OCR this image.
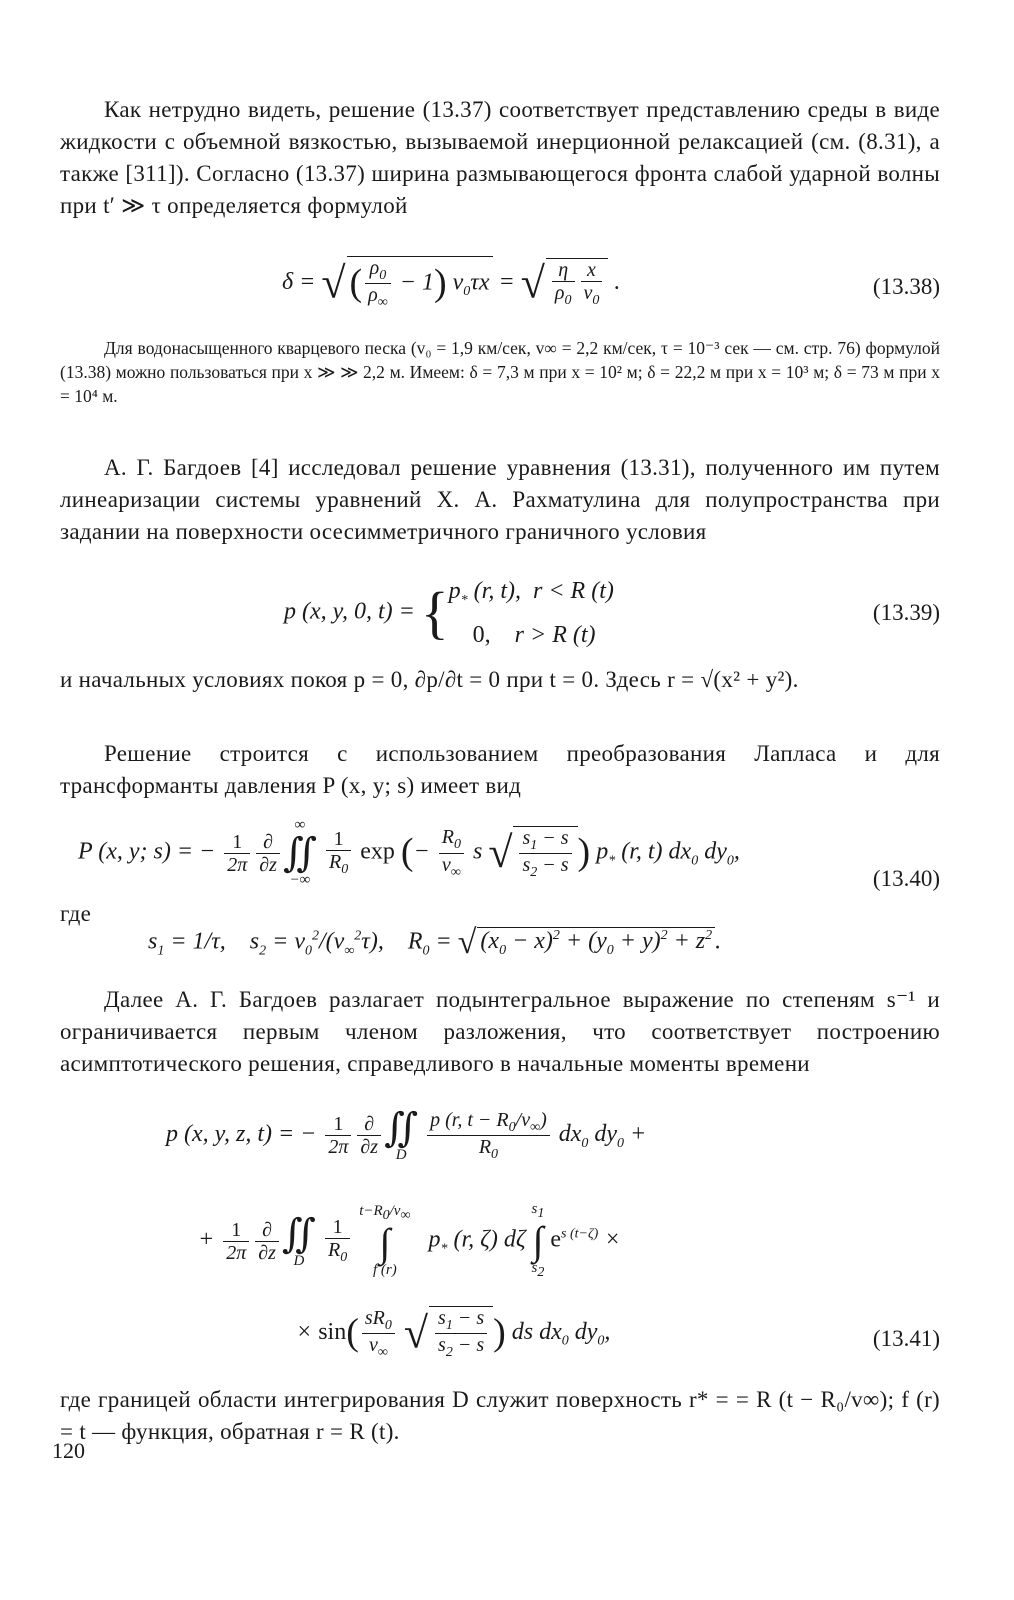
Как нетрудно видеть, решение (13.37) соответствует представлению среды в виде жидкости с объемной вязкостью, вызываемой инерционной релаксацией (см. (8.31), а также [311]). Согласно (13.37) ширина размывающегося фронта слабой ударной волны при t′ ≫ τ определяется формулой
δ = √ ( $\frac{\rho_0}{\rho_\infty} - 1$) $v_0\tau x$ = √ $\frac{\eta}{\rho_0} \frac{x}{v_0}$ .	(13.38)
Для водонасыщенного кварцевого песка (v₀ = 1,9 км/сек, v∞ = 2,2 км/сек, τ = 10⁻³ сек — см. стр. 76) формулой (13.38) можно пользоваться при x ≫ ≫ 2,2 м. Имеем: δ = 7,3 м при x = 10² м; δ = 22,2 м при x = 10³ м; δ = 73 м при x = 10⁴ м.
А. Г. Багдоев [4] исследовал решение уравнения (13.31), полученного им путем линеаризации системы уравнений Х. А. Рахматулина для полупространства при задании на поверхности осесимметричного граничного условия
p (x, y, 0, $t) = \{p_*$ (r, t),  r < R (t)
0,    r > R (t)
(13.39)
и начальных условиях покоя p = 0, ∂p/∂t = 0 при t = 0. Здесь r = √(x² + y²).
Решение строится с использованием преобразования Лапласа и для трансформанты давления P (x, y; s) имеет вид
P (x, y; s) = − $\frac{1}{2\pi} \frac{\partial}{\partial z}$
∞
∬
−∞
$\frac{1}{R_0}$ exp (− $\frac{R_0}{v_\infty}$ s √ $\frac{s_1 - s}{s_2 - s}$ ) $p_*$ (r, t) $dx_0$ $dy_0$,
(13.40)
где
$s_1 = 1/\tau$,    $s_2 = v_0^2/(v_\infty^2\tau)$,    $R_0$ = √ $(x_0 - x)^2 + (y_0 + y)^2 + z^2$ .
Далее А. Г. Багдоев разлагает подынтегральное выражение по степеням s⁻¹ и ограничивается первым членом разложения, что соответствует построению асимптотического решения, справедливого в начальные моменты времени
p (x, y, z, t) = − $\frac{1}{2\pi} \frac{\partial}{\partial z}$ ∬
D $\frac{p (r, t - R_0/v_\infty)}{R_0} dx_0$ $dy_0$ +
+ $\frac{1}{2\pi} \frac{\partial}{\partial z}$ ∬
D $\frac{1}{R_0}$
$t-R_0/v_\infty$
∫
f (r)   $p_*$ (r, ζ) dζ $s_1$
∫
$s_2$ $e^{s (t-\zeta)}$ ×
× $\sin( \frac{sR_0}{v_\infty}$ √ $\frac{s_1 - s}{s_2 - s}$ ) ds $dx_0$ $dy_0$,	(13.41)
где границей области интегрирования D служит поверхность r* = = R (t − R₀/v∞); f (r) = t — функция, обратная r = R (t).
120
